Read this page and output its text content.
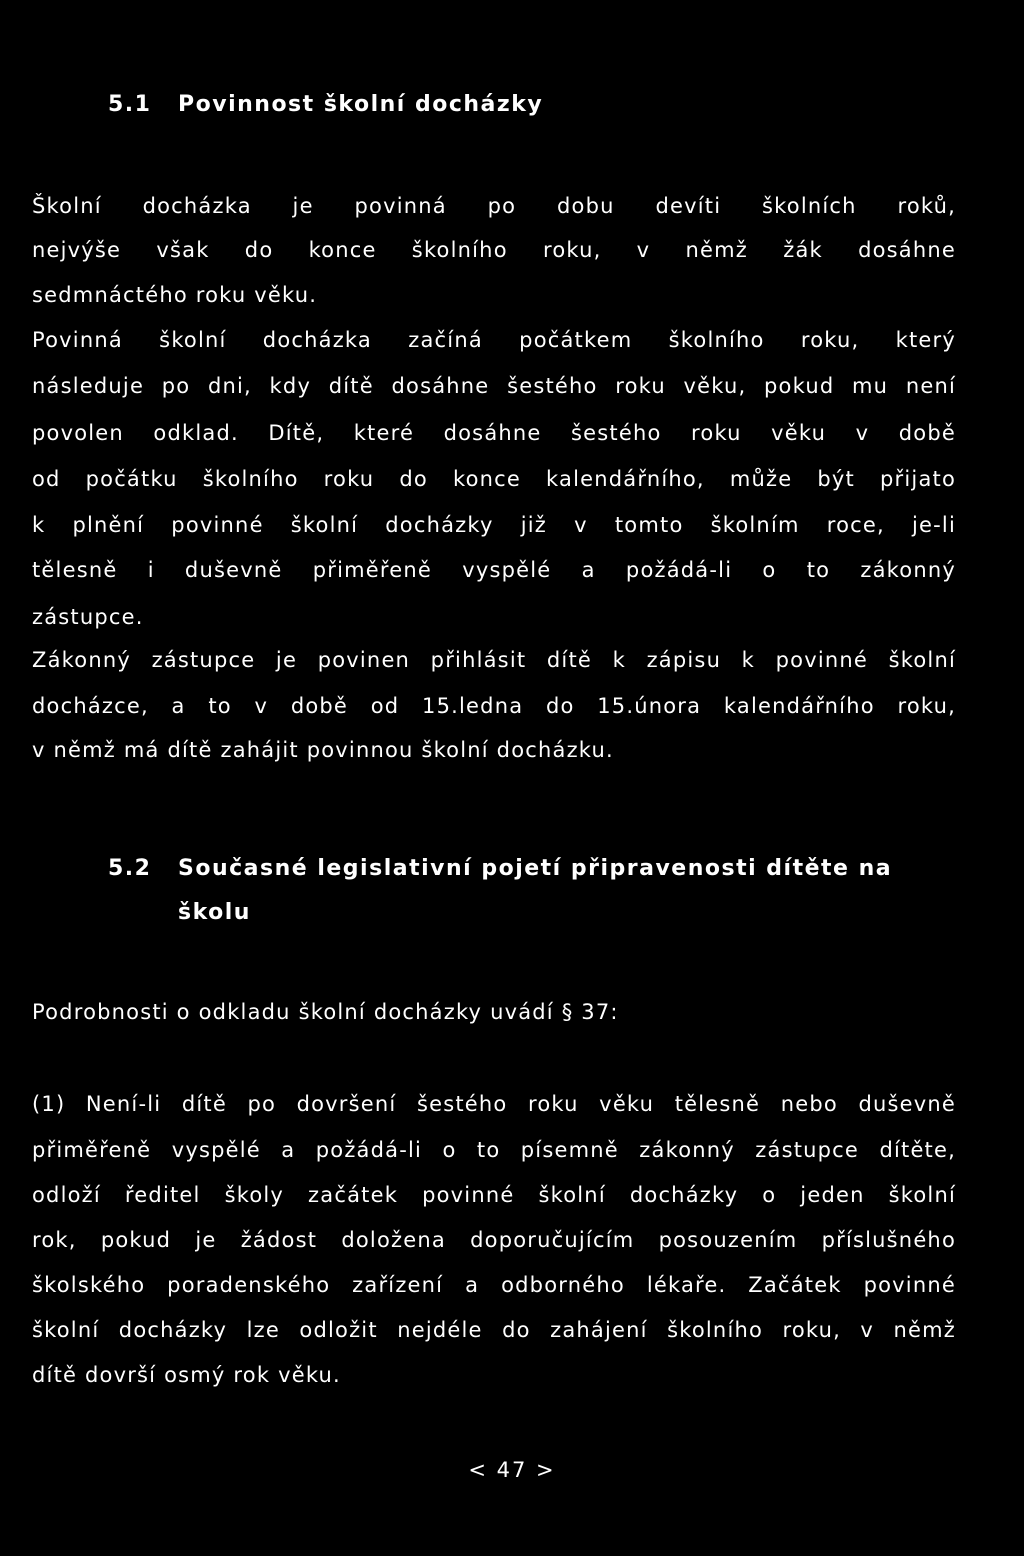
5.1 Povinnost školní docházky

Školní docházka je povinná po dobu devíti školních roků,

nejvýše však do konce školního roku, v němž žák dosáhne

sedmnáctého roku věku.

Povinná školní docházka začíná počátkem školního roku, který

následuje po dni, kdy dítě dosáhne šestého roku věku, pokud mu není

povolen odklad. Dítě, které dosáhne šestého roku věku v době

od počátku školního roku do konce kalendářního, může být přijato

k plnění povinné školní docházky již v tomto školním roce, je-li

tělesně i duševně přiměřeně vyspělé a požádá-li o to zákonný

zástupce.

Zákonný zástupce je povinen přihlásit dítě k zápisu k povinné školní

docházce, a to v době od 15.ledna do 15.února kalendářního roku,

v němž má dítě zahájit povinnou školní docházku.

5.2 Současné legislativní pojetí připravenosti dítěte na
školu

Podrobnosti o odkladu školní docházky uvádí § 37:

(1) Není-li dítě po dovršení šestého roku věku tělesně nebo duševně

přiměřeně vyspělé a požádá-li o to písemně zákonný zástupce dítěte,

odloží ředitel školy začátek povinné školní docházky o jeden školní

rok, pokud je žádost doložena doporučujícím posouzením příslušného

školského poradenského zařízení a odborného lékaře. Začátek povinné

školní docházky lze odložit nejdéle do zahájení školního roku, v němž

dítě dovrší osmý rok věku.

< 47 >
